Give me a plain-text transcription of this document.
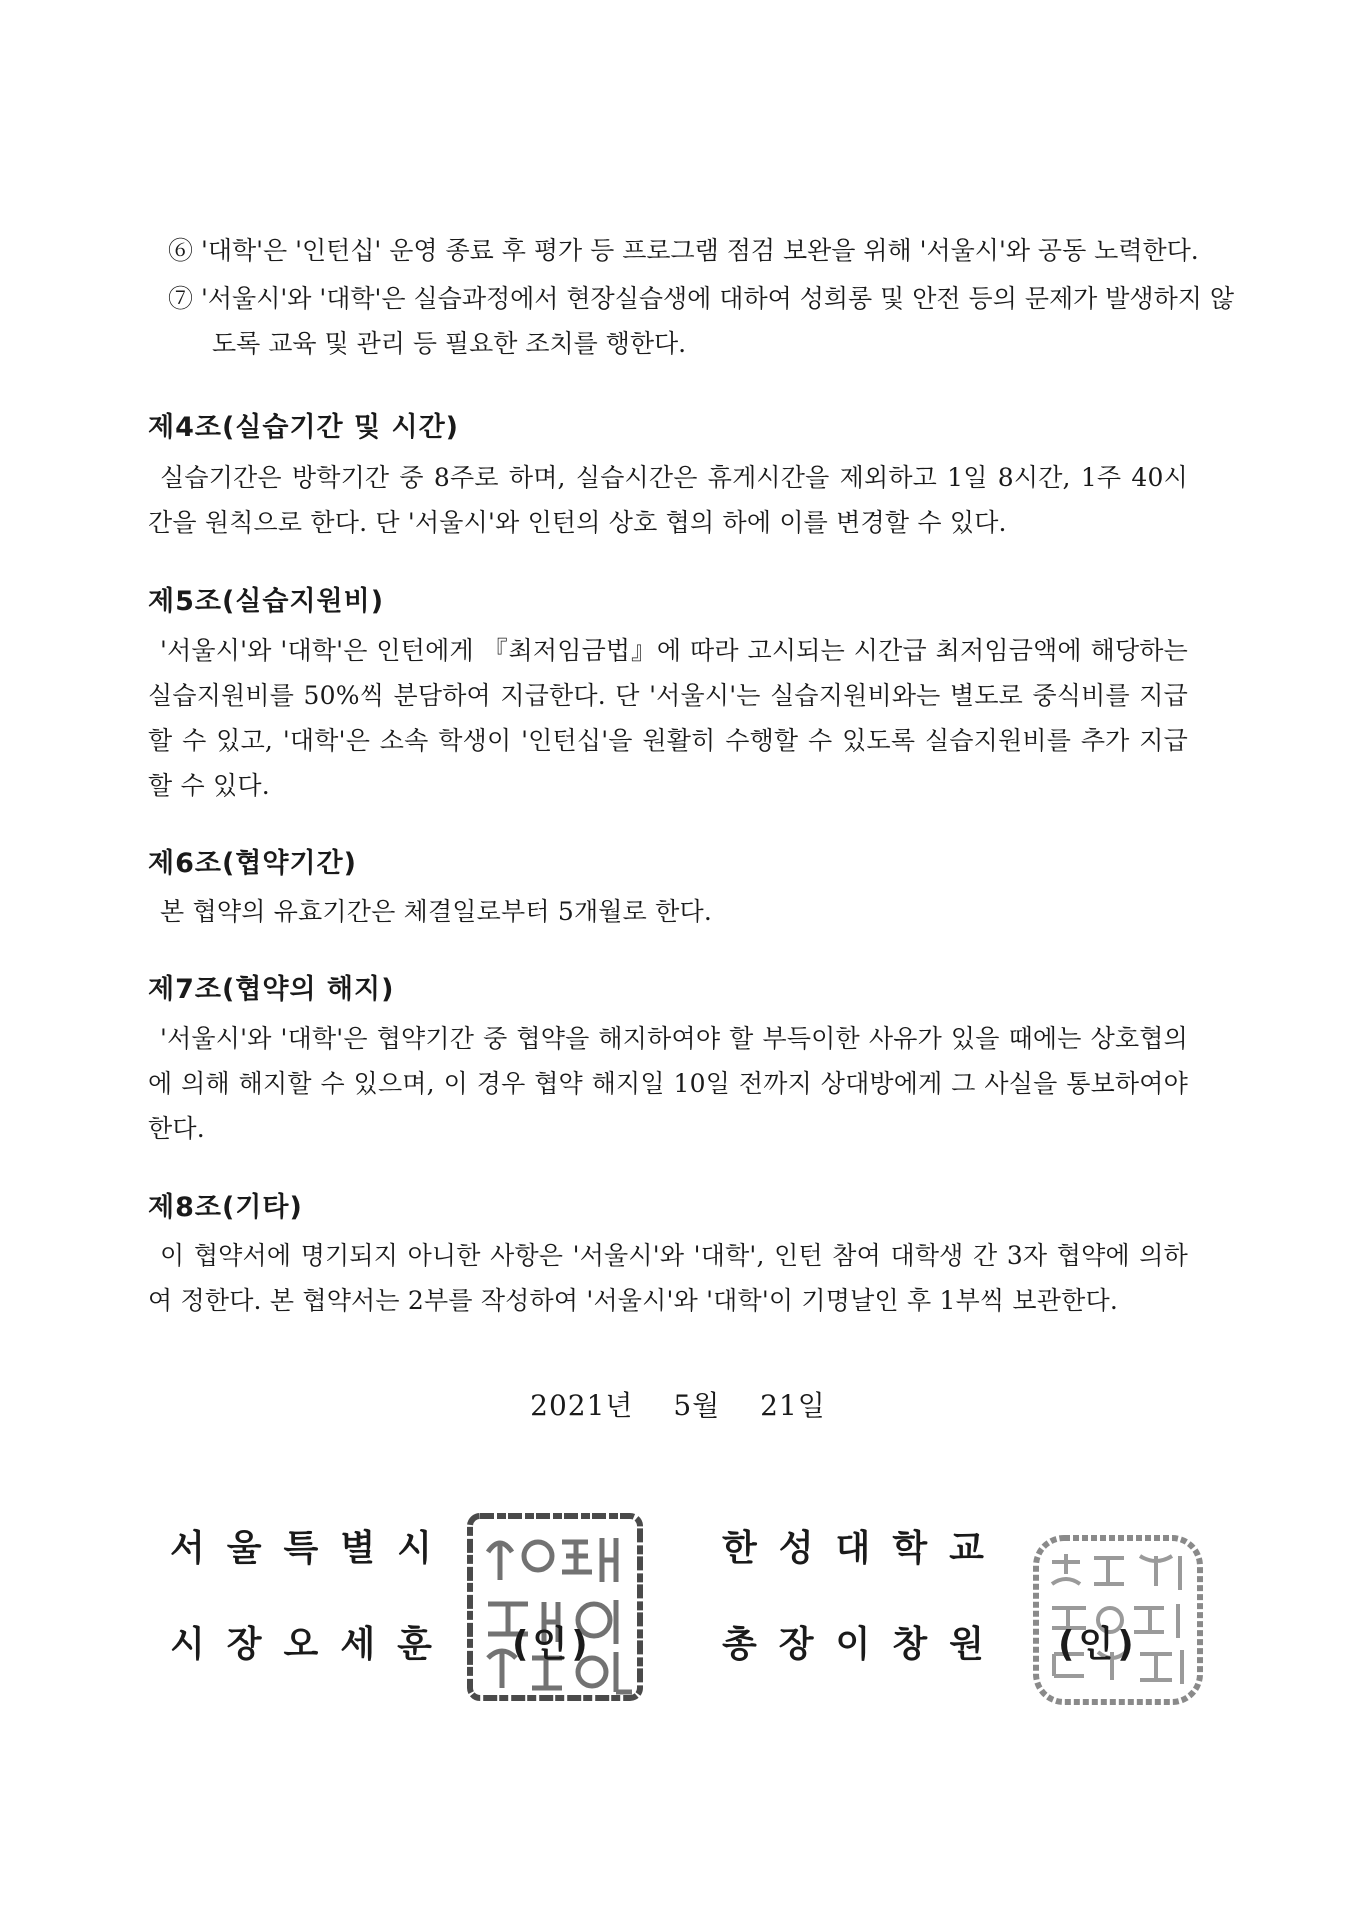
⑥ '대학'은 '인턴십' 운영 종료 후 평가 등 프로그램 점검 보완을 위해 '서울시'와 공동 노력한다.
⑦ '서울시'와 '대학'은 실습과정에서 현장실습생에 대하여 성희롱 및 안전 등의 문제가 발생하지 않도록 교육 및 관리 등 필요한 조치를 행한다.
제4조(실습기간 및 시간)
실습기간은 방학기간 중 8주로 하며, 실습시간은 휴게시간을 제외하고 1일 8시간, 1주 40시간을 원칙으로 한다. 단 '서울시'와 인턴의 상호 협의 하에 이를 변경할 수 있다.
제5조(실습지원비)
'서울시'와 '대학'은 인턴에게 『최저임금법』에 따라 고시되는 시간급 최저임금액에 해당하는 실습지원비를 50%씩 분담하여 지급한다. 단 '서울시'는 실습지원비와는 별도로 중식비를 지급할 수 있고, '대학'은 소속 학생이 '인턴십'을 원활히 수행할 수 있도록 실습지원비를 추가 지급할 수 있다.
제6조(협약기간)
본 협약의 유효기간은 체결일로부터 5개월로 한다.
제7조(협약의 해지)
'서울시'와 '대학'은 협약기간 중 협약을 해지하여야 할 부득이한 사유가 있을 때에는 상호협의에 의해 해지할 수 있으며, 이 경우 협약 해지일 10일 전까지 상대방에게 그 사실을 통보하여야 한다.
제8조(기타)
이 협약서에 명기되지 아니한 사항은 '서울시'와 '대학', 인턴 참여 대학생 간 3자 협약에 의하여 정한다. 본 협약서는 2부를 작성하여 '서울시'와 '대학'이 기명날인 후 1부씩 보관한다.
2021년 5월 21일
서울특별시
시장오세훈 (인)
한성대학교
총장이창원 (인)
